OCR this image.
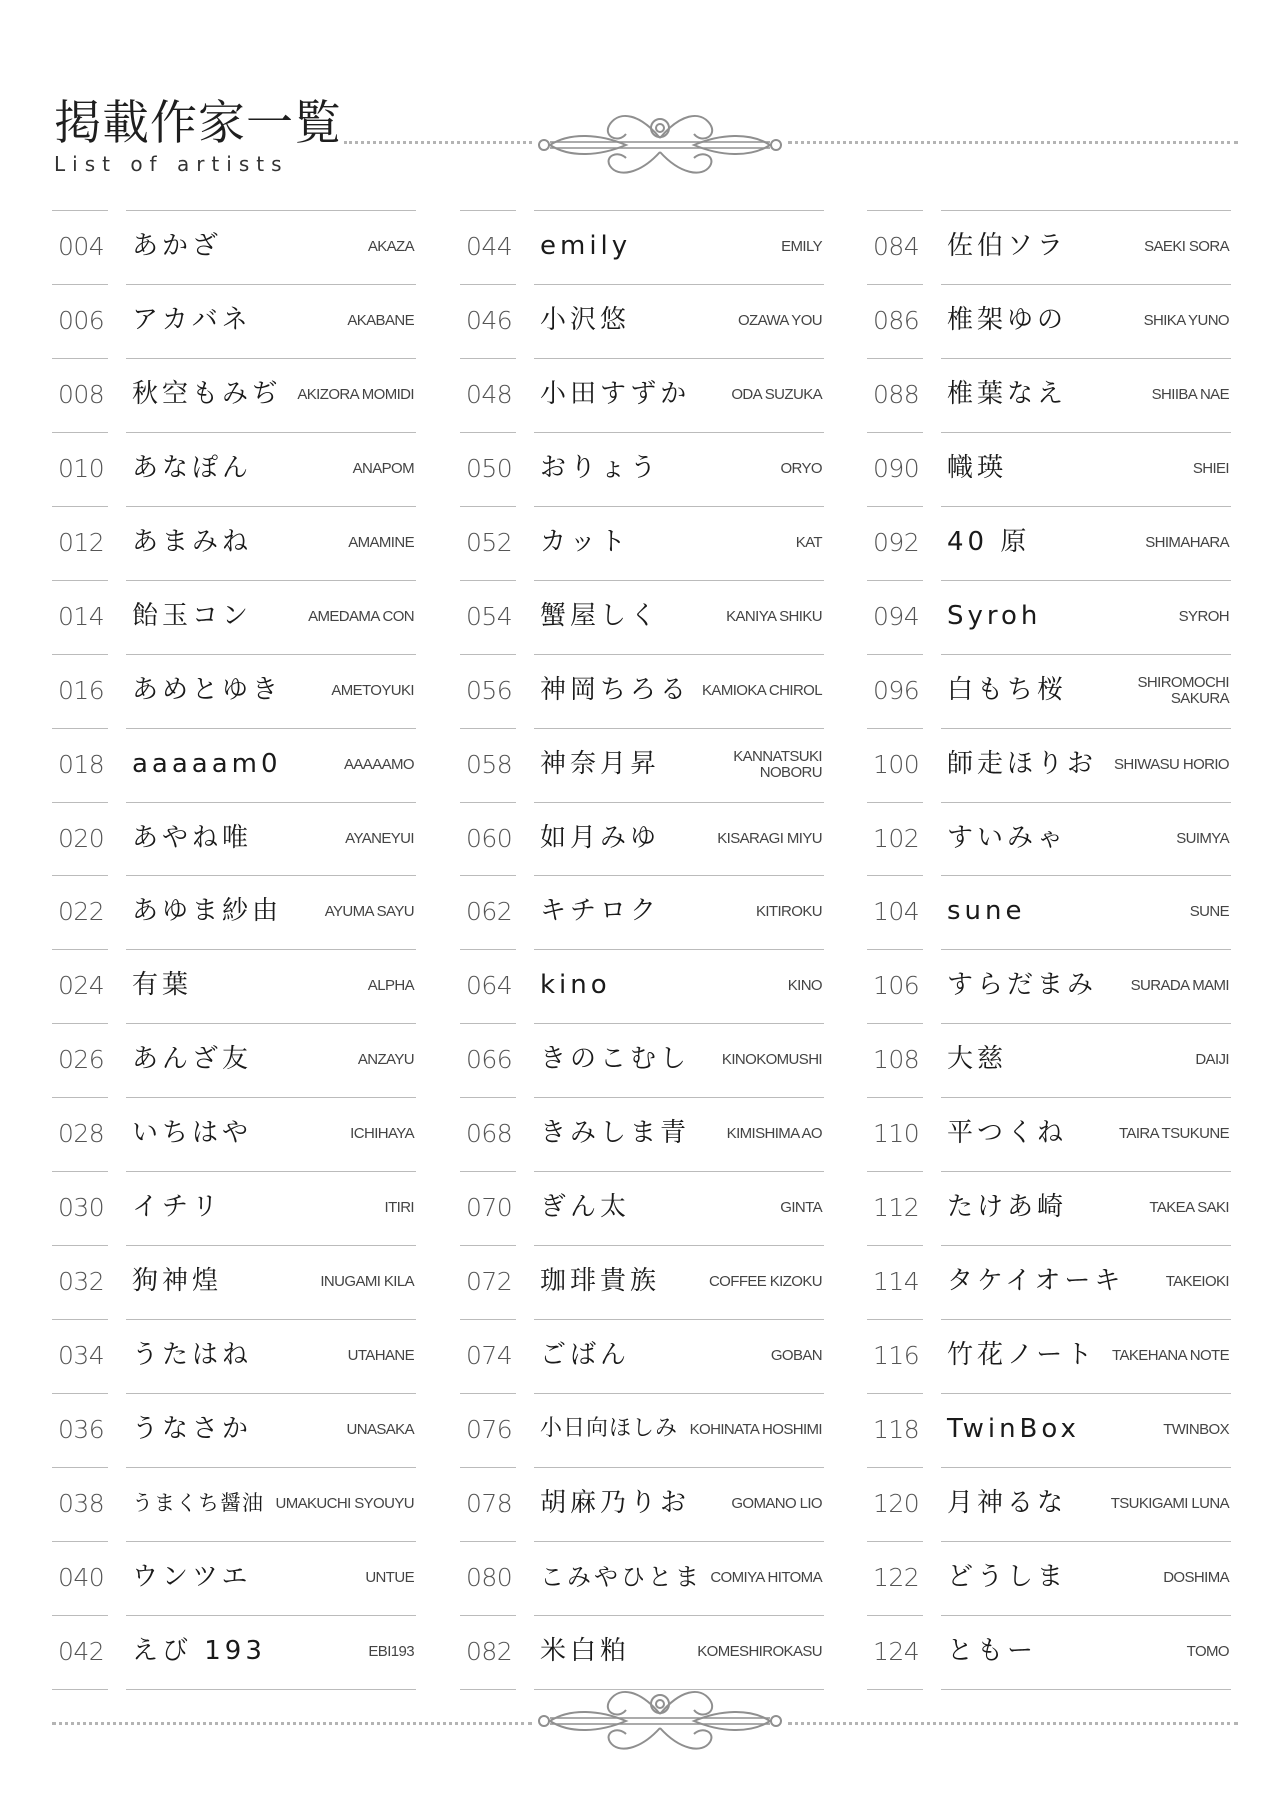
掲載作家一覧
List of artists
004	あかざ	AKAZA
006	アカバネ	AKABANE
008	秋空もみぢ AKIZORA MOMIDI
010	あなぽん	ANAPOM
012	あまみね	AMAMINE
014	飴玉コン	AMEDAMA CON
016	あめとゆき	AMETOYUKI
018	aaaaam0	AAAAAMO
020	あやね唯	AYANEYUI
022	あゆま紗由	AYUMA SAYU
024	有葉	ALPHA
026	あんざ友	ANZAYU
028	いちはや	ICHIHAYA
030	イチリ	ITIRI
032	狗神煌	INUGAMI KILA
034	うたはね	UTAHANE
036	うなさか	UNASAKA
038	うまくち醤油 UMAKUCHI SYOUYU
040	ウンツエ	UNTUE
042	えび 193	EBI193
044	emily	EMILY
046	小沢悠	OZAWA YOU
048	小田すずか	ODA SUZUKA
050	おりょう	ORYO
052	カット	KAT
054	蟹屋しく	KANIYA SHIKU
056	神岡ちろる KAMIOKA CHIROL
058	神奈月昇	KANNATSUKI NOBORU
060	如月みゆ	KISARAGI MIYU
062	キチロク	KITIROKU
064	kino	KINO
066	きのこむし KINOKOMUSHI
068	きみしま青 KIMISHIMA AO
070	ぎん太	GINTA
072	珈琲貴族	COFFEE KIZOKU
074	ごばん	GOBAN
076	小日向ほしみ KOHINATA HOSHIMI
078	胡麻乃りお	GOMANO LIO
080	こみやひとま COMIYA HITOMA
082	米白粕	KOMESHIROKASU
084	佐伯ソラ	SAEKI SORA
086	椎架ゆの	SHIKA YUNO
088	椎葉なえ	SHIIBA NAE
090	幟瑛	SHIEI
092	40 原	SHIMAHARA
094	Syroh	SYROH
096	白もち桜	SHIROMOCHI SAKURA
100	師走ほりお SHIWASU HORIO
102	すいみゃ	SUIMYA
104	sune	SUNE
106	すらだまみ SURADA MAMI
108	大慈	DAIJI
110	平つくね	TAIRA TSUKUNE
112	たけあ崎	TAKEA SAKI
114	タケイオーキ	TAKEIOKI
116	竹花ノート TAKEHANA NOTE
118	TwinBox	TWINBOX
120	月神るな	TSUKIGAMI LUNA
122	どうしま	DOSHIMA
124	ともー	TOMO
